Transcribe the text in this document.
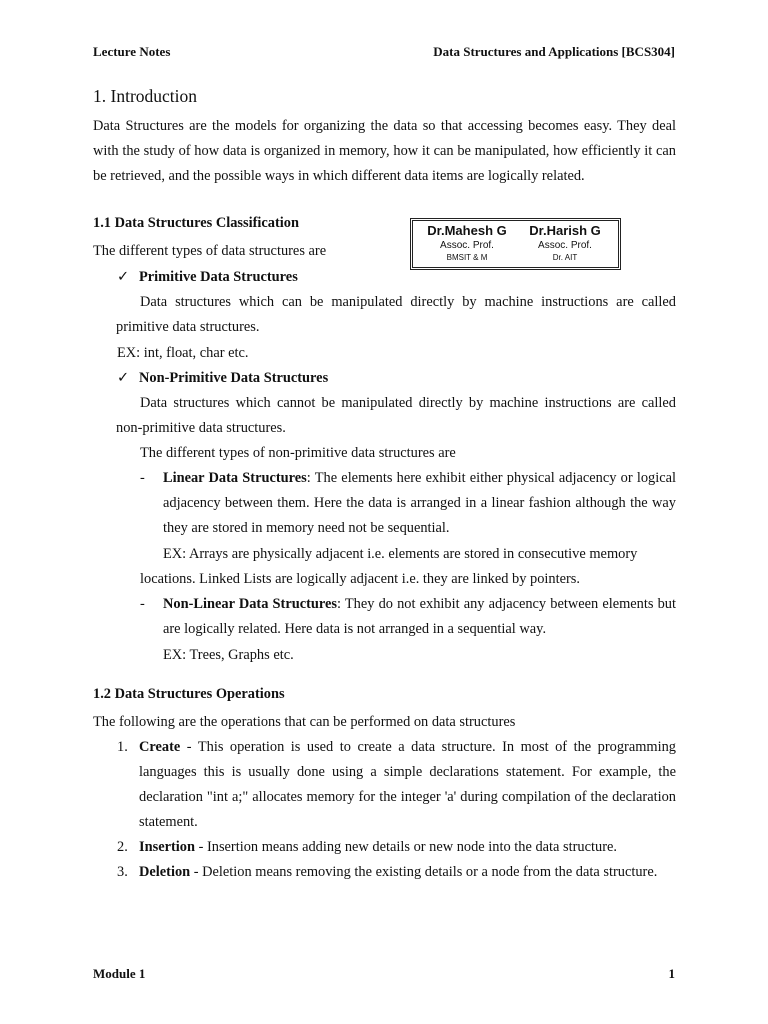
Lecture Notes	Data Structures and Applications [BCS304]
1. Introduction
Data Structures are the models for organizing the data so that accessing becomes easy. They deal with the study of how data is organized in memory, how it can be manipulated, how efficiently it can be retrieved, and the possible ways in which different data items are logically related.
1.1 Data Structures Classification
The different types of data structures are
Dr.Mahesh G
Assoc. Prof.
BMSIT & M
Dr.Harish G
Assoc. Prof.
Dr. AIT
✓ Primitive Data Structures
Data structures which can be manipulated directly by machine instructions are called primitive data structures.
EX: int, float, char etc.
✓ Non-Primitive Data Structures
Data structures which cannot be manipulated directly by machine instructions are called non-primitive data structures.
The different types of non-primitive data structures are
- Linear Data Structures: The elements here exhibit either physical adjacency or logical adjacency between them. Here the data is arranged in a linear fashion although the way they are stored in memory need not be sequential.
EX: Arrays are physically adjacent i.e. elements are stored in consecutive memory
locations. Linked Lists are logically adjacent i.e. they are linked by pointers.
- Non-Linear Data Structures: They do not exhibit any adjacency between elements but are logically related. Here data is not arranged in a sequential way.
EX: Trees, Graphs etc.
1.2 Data Structures Operations
The following are the operations that can be performed on data structures
1. Create - This operation is used to create a data structure. In most of the programming languages this is usually done using a simple declarations statement. For example, the declaration "int a;" allocates memory for the integer 'a' during compilation of the declaration statement.
2. Insertion - Insertion means adding new details or new node into the data structure.
3. Deletion - Deletion means removing the existing details or a node from the data structure.
Module 1	1
